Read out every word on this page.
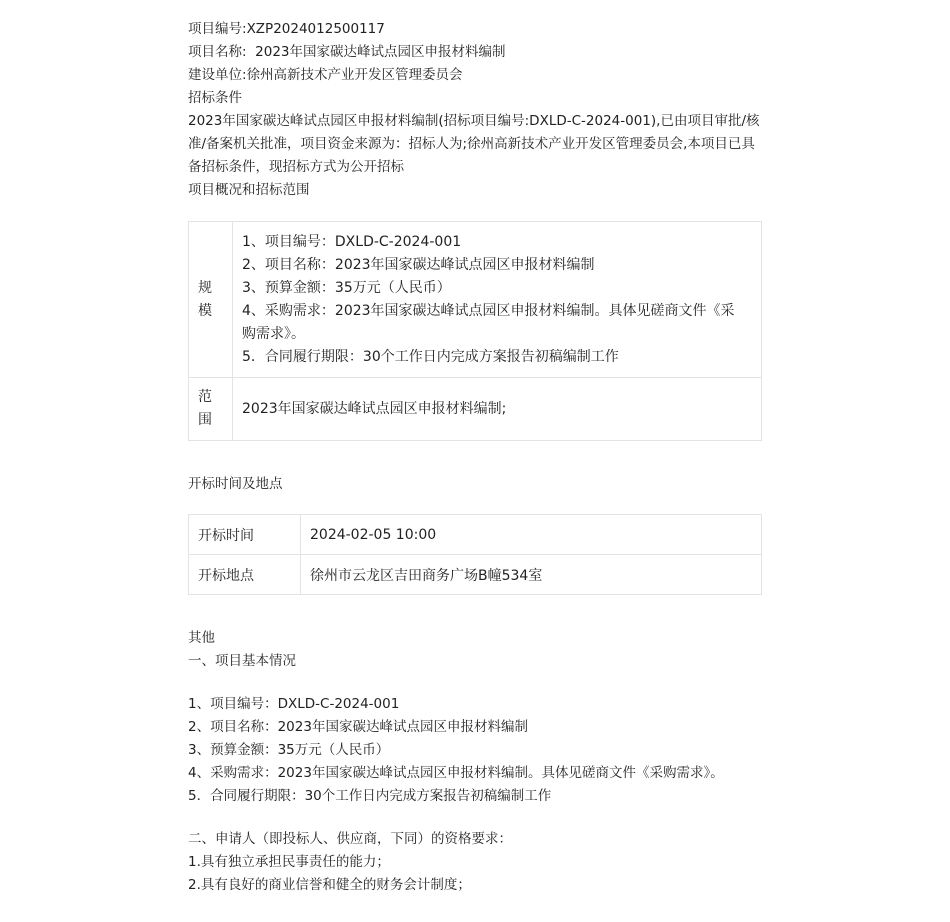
项目编号:XZP2024012500117
项目名称: 2023年国家碳达峰试点园区申报材料编制
建设单位:徐州高新技术产业开发区管理委员会
招标条件
2023年国家碳达峰试点园区申报材料编制(招标项目编号:DXLD-C-2024-001),已由项目审批/核准/备案机关批准，项目资金来源为：招标人为;徐州高新技术产业开发区管理委员会,本项目已具备招标条件，现招标方式为公开招标
项目概况和招标范围
规模	1、项目编号：DXLD-C-2024-001
2、项目名称：2023年国家碳达峰试点园区申报材料编制
3、预算金额：35万元（人民币）
4、采购需求：2023年国家碳达峰试点园区申报材料编制。具体见磋商文件《采购需求》。
5．合同履行期限：30个工作日内完成方案报告初稿编制工作

范围	2023年国家碳达峰试点园区申报材料编制;
开标时间及地点
开标时间	2024-02-05 10:00
开标地点	徐州市云龙区吉田商务广场B幢534室
其他
一、项目基本情况
1、项目编号：DXLD-C-2024-001
2、项目名称：2023年国家碳达峰试点园区申报材料编制
3、预算金额：35万元（人民币）
4、采购需求：2023年国家碳达峰试点园区申报材料编制。具体见磋商文件《采购需求》。
5．合同履行期限：30个工作日内完成方案报告初稿编制工作
二、申请人（即投标人、供应商，下同）的资格要求：
1.具有独立承担民事责任的能力；
2.具有良好的商业信誉和健全的财务会计制度；
